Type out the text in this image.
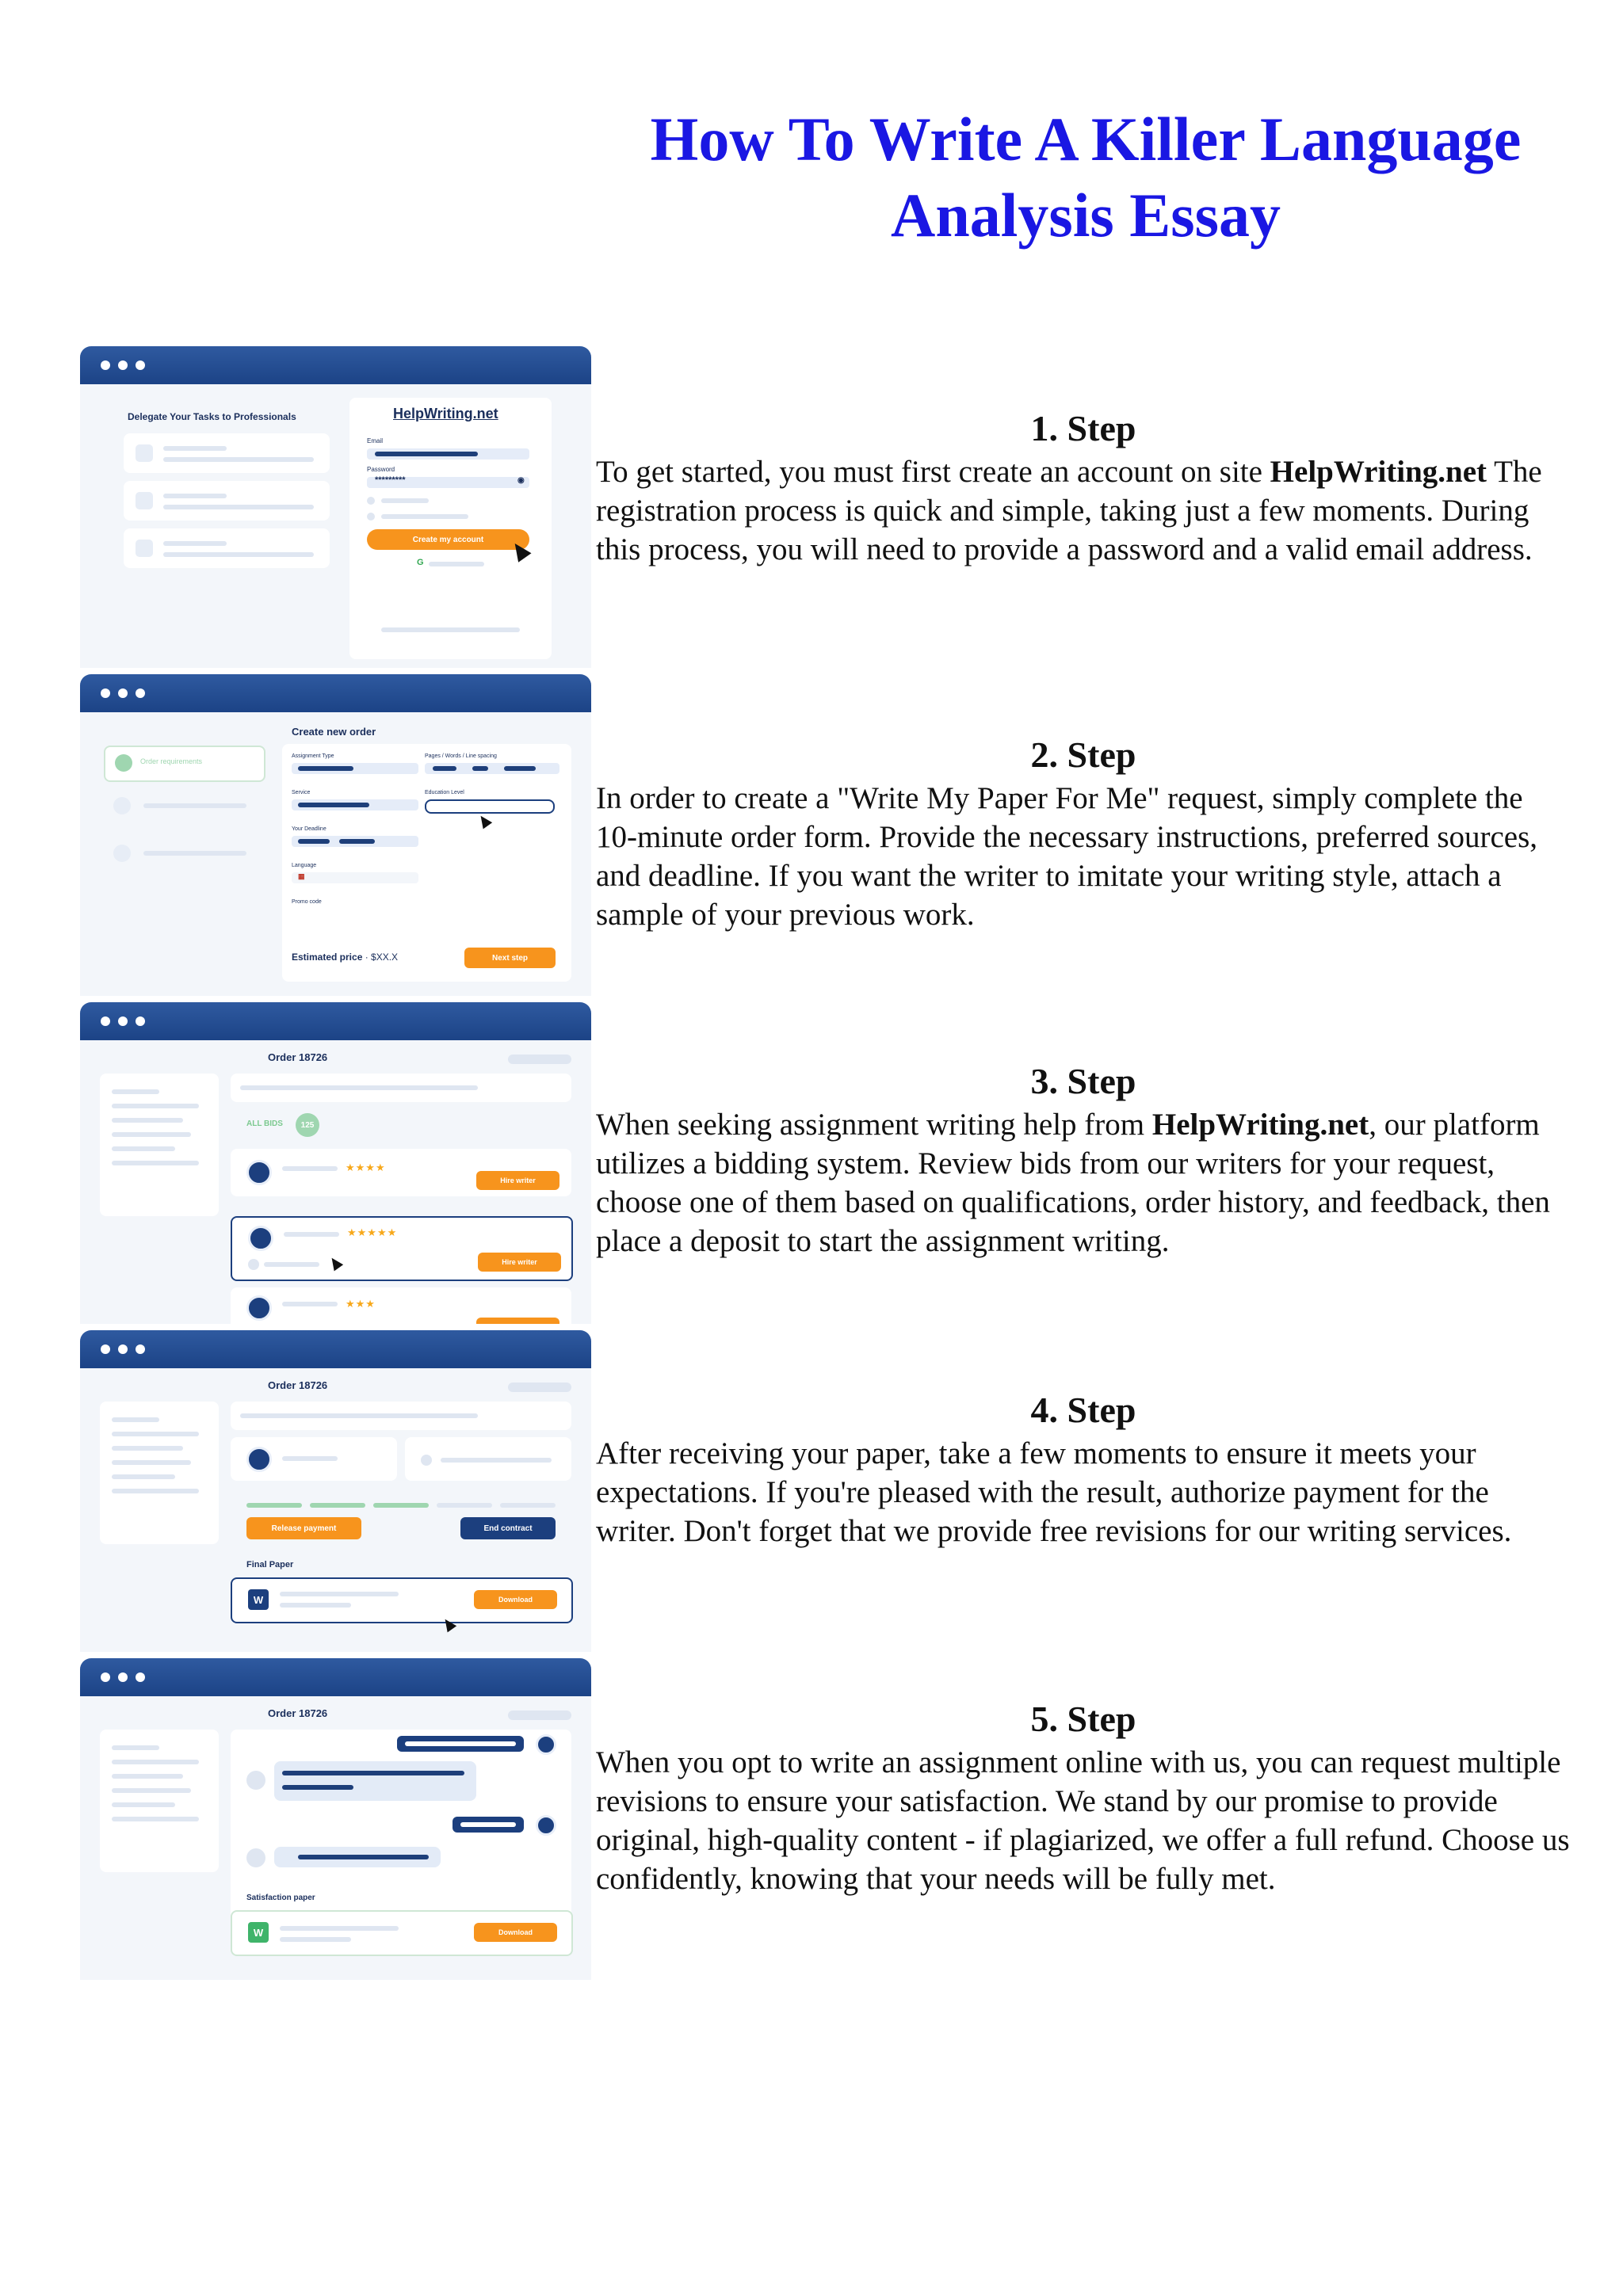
How To Write A Killer Language Analysis Essay
1. Step

To get started, you must first create an account on site HelpWriting.net The registration process is quick and simple, taking just a few moments. During this process, you will need to provide a password and a valid email address.

2. Step

In order to create a "Write My Paper For Me" request, simply complete the 10-minute order form. Provide the necessary instructions, preferred sources, and deadline. If you want the writer to imitate your writing style, attach a sample of your previous work.

3. Step

When seeking assignment writing help from HelpWriting.net, our platform utilizes a bidding system. Review bids from our writers for your request, choose one of them based on qualifications, order history, and feedback, then place a deposit to start the assignment writing.

4. Step

After receiving your paper, take a few moments to ensure it meets your expectations. If you're pleased with the result, authorize payment for the writer. Don't forget that we provide free revisions for our writing services.

5. Step

When you opt to write an assignment online with us, you can request multiple revisions to ensure your satisfaction. We stand by our promise to provide original, high-quality content - if plagiarized, we offer a full refund. Choose us confidently, knowing that your needs will be fully met.

Delegate Your Tasks to Professionals	HelpWriting.net
Email
Password
*********	◉
Create my account
G
Order requirements
Create new order
Assignment Type	Pages / Words / Line spacing
Service	Education Level
Your Deadline
Language
▦
Promo code
Estimated price · $XX.X	Next step
Order 18726
ALL BIDS	125
★★★★
Hire writer
★★★★★
Hire writer
★★★
Order 18726
Release payment	End contract
Final Paper
W	Download
Order 18726
Satisfaction paper
W	Download
